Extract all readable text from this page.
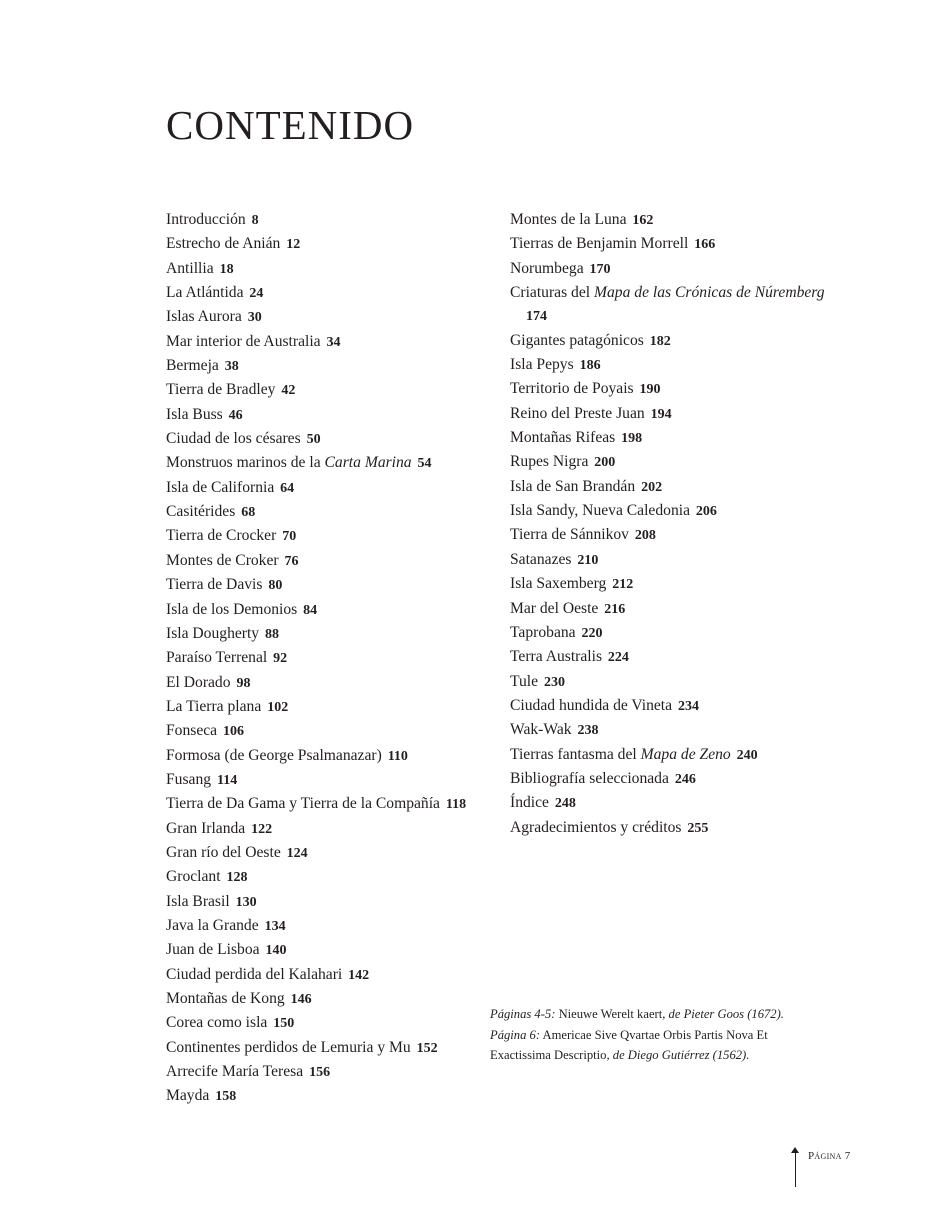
CONTENIDO
Introducción 8
Estrecho de Anián 12
Antillia 18
La Atlántida 24
Islas Aurora 30
Mar interior de Australia 34
Bermeja 38
Tierra de Bradley 42
Isla Buss 46
Ciudad de los césares 50
Monstruos marinos de la Carta Marina 54
Isla de California 64
Casitérides 68
Tierra de Crocker 70
Montes de Croker 76
Tierra de Davis 80
Isla de los Demonios 84
Isla Dougherty 88
Paraíso Terrenal 92
El Dorado 98
La Tierra plana 102
Fonseca 106
Formosa (de George Psalmanazar) 110
Fusang 114
Tierra de Da Gama y Tierra de la Compañía 118
Gran Irlanda 122
Gran río del Oeste 124
Groclant 128
Isla Brasil 130
Java la Grande 134
Juan de Lisboa 140
Ciudad perdida del Kalahari 142
Montañas de Kong 146
Corea como isla 150
Continentes perdidos de Lemuria y Mu 152
Arrecife María Teresa 156
Mayda 158
Montes de la Luna 162
Tierras de Benjamin Morrell 166
Norumbega 170
Criaturas del Mapa de las Crónicas de Núremberg 174
Gigantes patagónicos 182
Isla Pepys 186
Territorio de Poyais 190
Reino del Preste Juan 194
Montañas Rifeas 198
Rupes Nigra 200
Isla de San Brandán 202
Isla Sandy, Nueva Caledonia 206
Tierra de Sánnikov 208
Satanazes 210
Isla Saxemberg 212
Mar del Oeste 216
Taprobana 220
Terra Australis 224
Tule 230
Ciudad hundida de Vineta 234
Wak-Wak 238
Tierras fantasma del Mapa de Zeno 240
Bibliografía seleccionada 246
Índice 248
Agradecimientos y créditos 255

Páginas 4-5: Nieuwe Werelt kaert, de Pieter Goos (1672).

Página 6: Americae Sive Qvartae Orbis Partis Nova Et Exactissima Descriptio, de Diego Gutiérrez (1562).

Página 7
